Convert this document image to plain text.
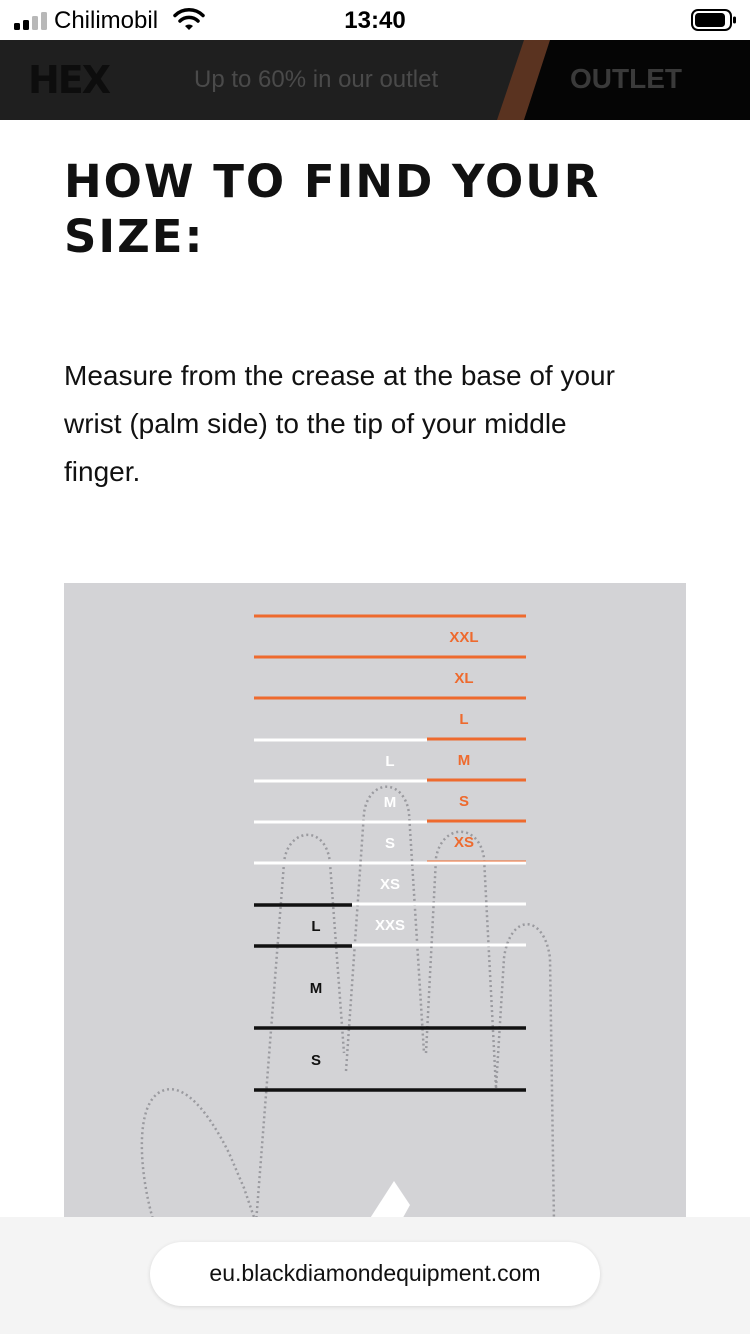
Chilimobil	13:40
HEX	Up to 60% in our outlet	OUTLET
HOW TO FIND YOUR
SIZE:
Measure from the crease at the base of your
wrist (palm side) to the tip of your middle
finger.
XXL
XL
L
M
S
XS
L
M
S
XS
XXS
L
M
S
eu.blackdiamondequipment.com
